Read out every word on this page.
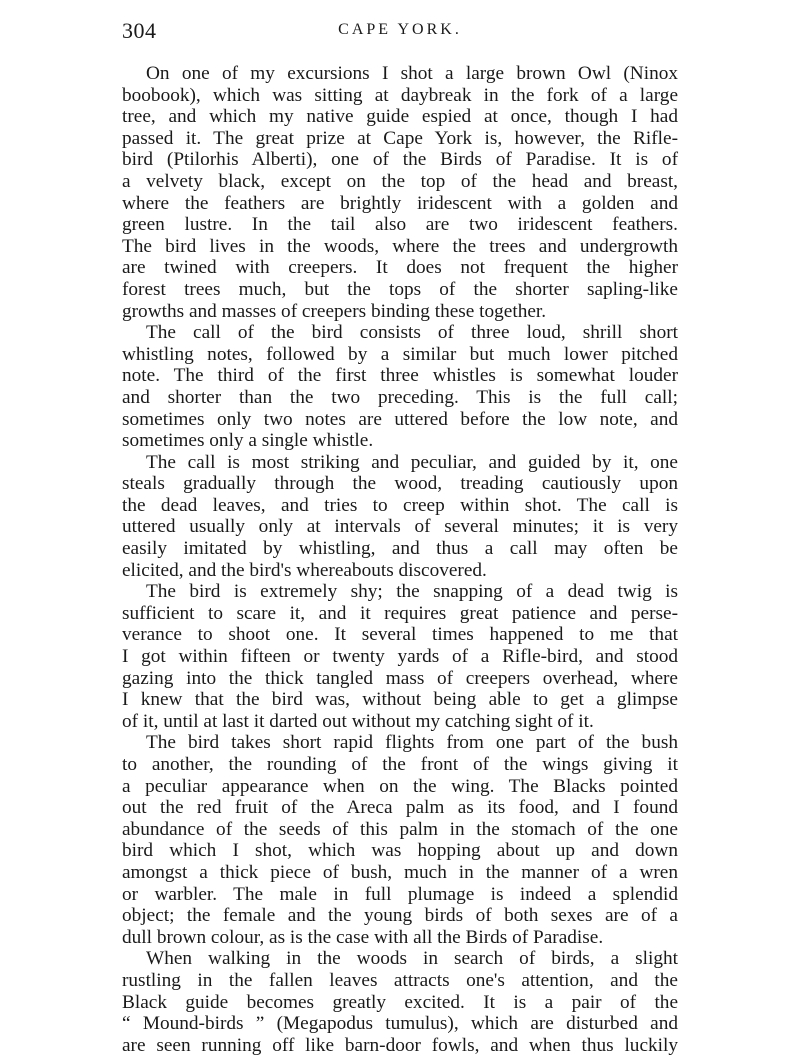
304	CAPE YORK.
On one of my excursions I shot a large brown Owl (Ninox
boobook), which was sitting at daybreak in the fork of a large
tree, and which my native guide espied at once, though I had
passed it. The great prize at Cape York is, however, the Rifle-
bird (Ptilorhis Alberti), one of the Birds of Paradise. It is of
a velvety black, except on the top of the head and breast,
where the feathers are brightly iridescent with a golden and
green lustre. In the tail also are two iridescent feathers.
The bird lives in the woods, where the trees and undergrowth
are twined with creepers. It does not frequent the higher
forest trees much, but the tops of the shorter sapling-like
growths and masses of creepers binding these together.
The call of the bird consists of three loud, shrill short
whistling notes, followed by a similar but much lower pitched
note. The third of the first three whistles is somewhat louder
and shorter than the two preceding. This is the full call;
sometimes only two notes are uttered before the low note, and
sometimes only a single whistle.
The call is most striking and peculiar, and guided by it, one
steals gradually through the wood, treading cautiously upon
the dead leaves, and tries to creep within shot. The call is
uttered usually only at intervals of several minutes; it is very
easily imitated by whistling, and thus a call may often be
elicited, and the bird's whereabouts discovered.
The bird is extremely shy; the snapping of a dead twig is
sufficient to scare it, and it requires great patience and perse-
verance to shoot one. It several times happened to me that
I got within fifteen or twenty yards of a Rifle-bird, and stood
gazing into the thick tangled mass of creepers overhead, where
I knew that the bird was, without being able to get a glimpse
of it, until at last it darted out without my catching sight of it.
The bird takes short rapid flights from one part of the bush
to another, the rounding of the front of the wings giving it
a peculiar appearance when on the wing. The Blacks pointed
out the red fruit of the Areca palm as its food, and I found
abundance of the seeds of this palm in the stomach of the one
bird which I shot, which was hopping about up and down
amongst a thick piece of bush, much in the manner of a wren
or warbler. The male in full plumage is indeed a splendid
object; the female and the young birds of both sexes are of a
dull brown colour, as is the case with all the Birds of Paradise.
When walking in the woods in search of birds, a slight
rustling in the fallen leaves attracts one's attention, and the
Black guide becomes greatly excited. It is a pair of the
“ Mound-birds ” (Megapodus tumulus), which are disturbed and
are seen running off like barn-door fowls, and when thus luckily
